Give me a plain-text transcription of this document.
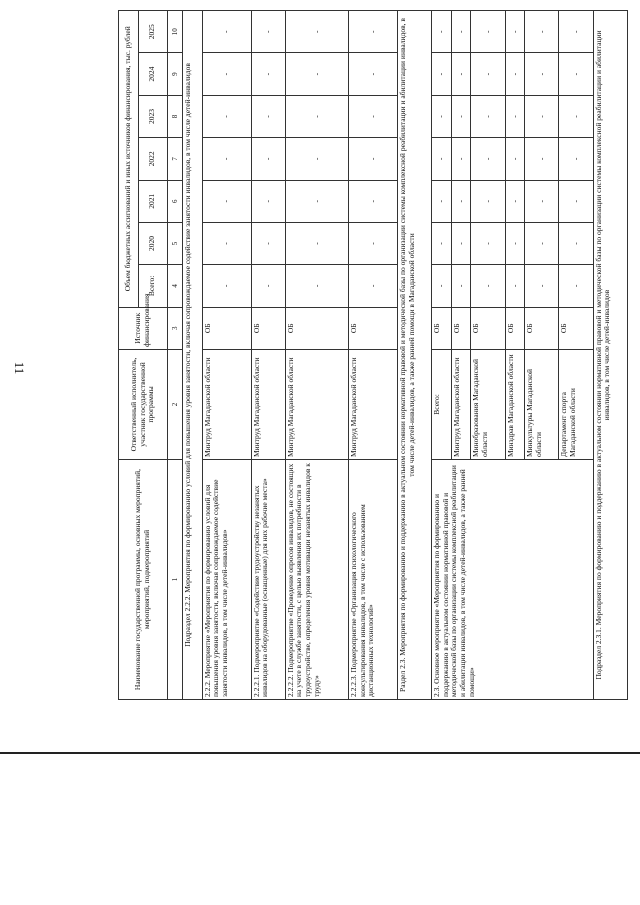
11
Наименование государственной программы, основных мероприятий, мероприятий, подмероприятий	Ответственный исполнитель, участник государственной программы	Источник финансирования	Объем бюджетных ассигнований и иных источников финансирования, тыс. рублей						
			Всего:	2020	2021	2022	2023	2024	2025

1	2	3	4	5	6	7	8	9	10
Подраздел 2.2.2. Мероприятия по формированию условий для повышения уровня занятости, включая сопровождаемое содействие занятости инвалидов, в том числе детей-инвалидов									
2.2.2. Мероприятие «Мероприятия по формированию условий для повышения уровня занятости, включая сопровождаемое содействие занятости инвалидов, в том числе детей-инвалидов»	Минтруд Магаданской области	ОБ	-	-	-	-	-	-	-
2.2.2.1. Подмероприятие «Содействие трудоустройству незанятых инвалидов на оборудованные (оснащенные) для них рабочие места»	Минтруд Магаданской области	ОБ	-	-	-	-	-	-	-
2.2.2.2. Подмероприятие «Проведение опросов инвалидов, не состоящих на учете в службе занятости, с целью выявления их потребности в трудоустройстве, определения уровня мотивации незанятых инвалидов к труду»	Минтруд Магаданской области	ОБ	-	-	-	-	-	-	-
2.2.2.3. Подмероприятие «Организация психологического консультирования инвалидов, в том числе с использованием дистанционных технологий»	Минтруд Магаданской области	ОБ	-	-	-	-	-	-	-
Раздел 2.3. Мероприятия по формированию и поддержанию в актуальном состоянии нормативной правовой и методической базы по организации системы комплексной реабилитации и абилитации инвалидов, в том числе детей-инвалидов, а также ранней помощи в Магаданской области									
2.3. Основное мероприятие «Мероприятия по формированию и поддержанию в актуальном состоянии нормативной правовой и методической базы по организации системы комплексной реабилитации и абилитации инвалидов, в том числе детей-инвалидов, а также ранней помощи»	Всего:	ОБ	-	-	-	-	-	-	-
	Минтруд Магаданской области	ОБ	-	-	-	-	-	-	-
	Минобразования Магаданской области	ОБ	-	-	-	-	-	-	-
	Минздрав Магаданской области	ОБ	-	-	-	-	-	-	-
	Минкультуры Магаданской области	ОБ	-	-	-	-	-	-	-
	Департамент спорта Магаданской области	ОБ	-	-	-	-	-	-	-
Подраздел 2.3.1. Мероприятия по формированию и поддержанию в актуальном состоянии нормативной правовой и методической базы по организации системы комплексной реабилитации и абилитации инвалидов, в том числе детей-инвалидов									
